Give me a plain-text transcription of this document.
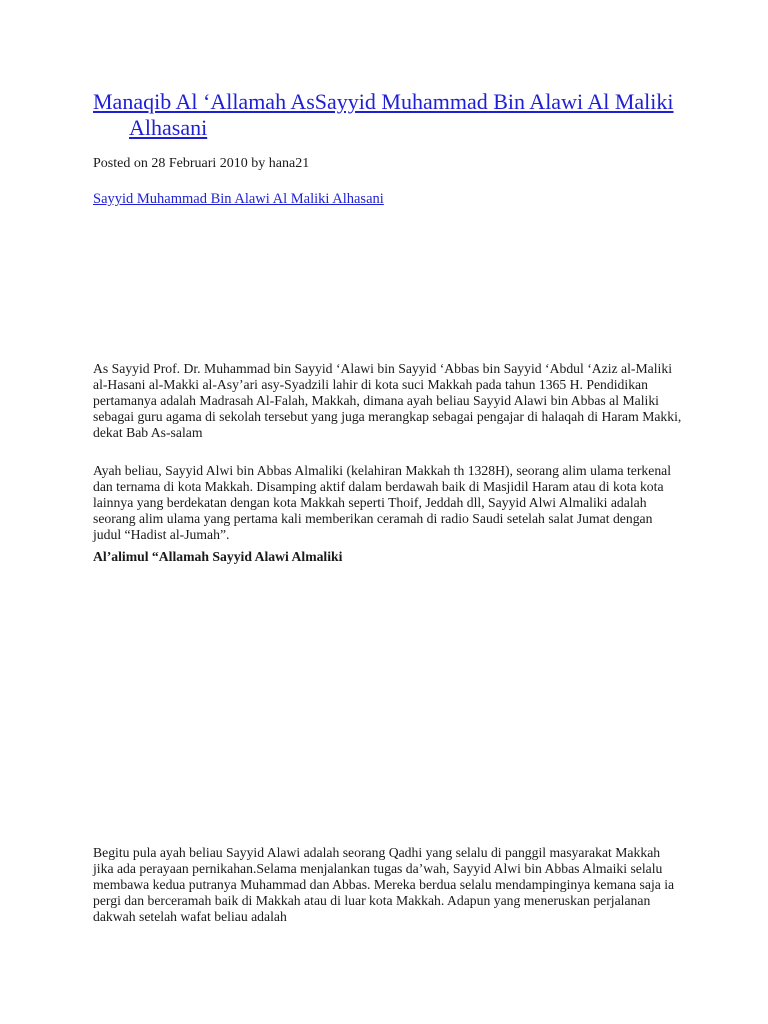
Manaqib Al ‘Allamah AsSayyid Muhammad Bin Alawi Al Maliki Alhasani
Posted on 28 Februari 2010 by hana21
Sayyid Muhammad Bin Alawi Al Maliki Alhasani

As Sayyid Prof. Dr. Muhammad bin Sayyid ‘Alawi bin Sayyid ‘Abbas bin Sayyid ‘Abdul ‘Aziz al-Maliki al-Hasani al-Makki al-Asy’ari asy-Syadzili lahir di kota suci Makkah pada tahun 1365 H. Pendidikan pertamanya adalah Madrasah Al-Falah, Makkah, dimana ayah beliau Sayyid Alawi bin Abbas al Maliki sebagai guru agama di sekolah tersebut yang juga merangkap sebagai pengajar di halaqah di Haram Makki, dekat Bab As-salam

Ayah beliau, Sayyid Alwi bin Abbas Almaliki (kelahiran Makkah th 1328H), seorang alim ulama terkenal dan ternama di kota Makkah. Disamping aktif dalam berdawah baik di Masjidil Haram atau di kota kota lainnya yang berdekatan dengan kota Makkah seperti Thoif, Jeddah dll, Sayyid Alwi Almaliki adalah seorang alim ulama yang pertama kali memberikan ceramah di radio Saudi setelah salat Jumat dengan judul “Hadist al-Jumah”.

Al’alimul “Allamah Sayyid Alawi Almaliki

Begitu pula ayah beliau Sayyid Alawi adalah seorang Qadhi yang selalu di panggil masyarakat Makkah jika ada perayaan pernikahan.Selama menjalankan tugas da’wah, Sayyid Alwi bin Abbas Almaiki selalu membawa kedua putranya Muhammad dan Abbas. Mereka berdua selalu mendampinginya kemana saja ia pergi dan berceramah baik di Makkah atau di luar kota Makkah. Adapun yang meneruskan perjalanan dakwah setelah wafat beliau adalah
